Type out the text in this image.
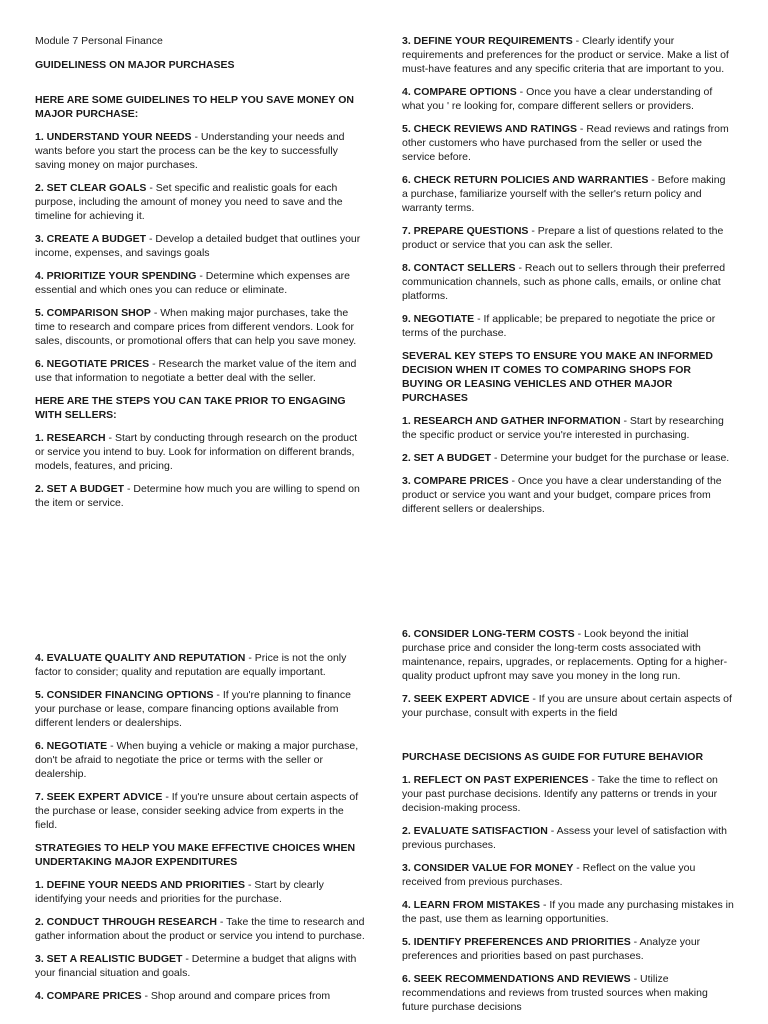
Module 7 Personal Finance
GUIDELINESS ON MAJOR PURCHASES
HERE ARE SOME GUIDELINES TO HELP YOU SAVE MONEY ON MAJOR PURCHASE:
1. UNDERSTAND YOUR NEEDS - Understanding your needs and wants before you start the process can be the key to successfully saving money on major purchases.
2. SET CLEAR GOALS - Set specific and realistic goals for each purpose, including the amount of money you need to save and the timeline for achieving it.
3. CREATE A BUDGET - Develop a detailed budget that outlines your income, expenses, and savings goals
4. PRIORITIZE YOUR SPENDING - Determine which expenses are essential and which ones you can reduce or eliminate.
5. COMPARISON SHOP - When making major purchases, take the time to research and compare prices from different vendors. Look for sales, discounts, or promotional offers that can help you save money.
6. NEGOTIATE PRICES - Research the market value of the item and use that information to negotiate a better deal with the seller.
HERE ARE THE STEPS YOU CAN TAKE PRIOR TO ENGAGING WITH SELLERS:
1. RESEARCH - Start by conducting through research on the product or service you intend to buy. Look for information on different brands, models, features, and pricing.
2. SET A BUDGET - Determine how much you are willing to spend on the item or service.
3. DEFINE YOUR REQUIREMENTS - Clearly identify your requirements and preferences for the product or service. Make a list of must-have features and any specific criteria that are important to you.
4. COMPARE OPTIONS - Once you have a clear understanding of what you ' re looking for, compare different sellers or providers.
5. CHECK REVIEWS AND RATINGS - Read reviews and ratings from other customers who have purchased from the seller or used the service before.
6. CHECK RETURN POLICIES AND WARRANTIES - Before making a purchase, familiarize yourself with the seller's return policy and warranty terms.
7. PREPARE QUESTIONS - Prepare a list of questions related to the product or service that you can ask the seller.
8. CONTACT SELLERS - Reach out to sellers through their preferred communication channels, such as phone calls, emails, or online chat platforms.
9. NEGOTIATE - If applicable; be prepared to negotiate the price or terms of the purchase.
SEVERAL KEY STEPS TO ENSURE YOU MAKE AN INFORMED DECISION WHEN IT COMES TO COMPARING SHOPS FOR BUYING OR LEASING VEHICLES AND OTHER MAJOR PURCHASES
1. RESEARCH AND GATHER INFORMATION - Start by researching the specific product or service you're interested in purchasing.
2. SET A BUDGET - Determine your budget for the purchase or lease.
3. COMPARE PRICES - Once you have a clear understanding of the product or service you want and your budget, compare prices from different sellers or dealerships.
4. EVALUATE QUALITY AND REPUTATION - Price is not the only factor to consider; quality and reputation are equally important.
5. CONSIDER FINANCING OPTIONS - If you're planning to finance your purchase or lease, compare financing options available from different lenders or dealerships.
6. NEGOTIATE - When buying a vehicle or making a major purchase, don't be afraid to negotiate the price or terms with the seller or dealership.
7. SEEK EXPERT ADVICE - If you're unsure about certain aspects of the purchase or lease, consider seeking advice from experts in the field.
STRATEGIES TO HELP YOU MAKE EFFECTIVE CHOICES WHEN UNDERTAKING MAJOR EXPENDITURES
1. DEFINE YOUR NEEDS AND PRIORITIES - Start by clearly identifying your needs and priorities for the purchase.
2. CONDUCT THROUGH RESEARCH - Take the time to research and gather information about the product or service you intend to purchase.
3. SET A REALISTIC BUDGET - Determine a budget that aligns with your financial situation and goals.
4. COMPARE PRICES - Shop around and compare prices from
6. CONSIDER LONG-TERM COSTS - Look beyond the initial purchase price and consider the long-term costs associated with maintenance, repairs, upgrades, or replacements. Opting for a higher-quality product upfront may save you money in the long run.
7. SEEK EXPERT ADVICE - If you are unsure about certain aspects of your purchase, consult with experts in the field
PURCHASE DECISIONS AS GUIDE FOR FUTURE BEHAVIOR
1. REFLECT ON PAST EXPERIENCES - Take the time to reflect on your past purchase decisions. Identify any patterns or trends in your decision-making process.
2. EVALUATE SATISFACTION - Assess your level of satisfaction with previous purchases.
3. CONSIDER VALUE FOR MONEY - Reflect on the value you received from previous purchases.
4. LEARN FROM MISTAKES - If you made any purchasing mistakes in the past, use them as learning opportunities.
5. IDENTIFY PREFERENCES AND PRIORITIES - Analyze your preferences and priorities based on past purchases.
6. SEEK RECOMMENDATIONS AND REVIEWS - Utilize recommendations and reviews from trusted sources when making future purchase decisions
